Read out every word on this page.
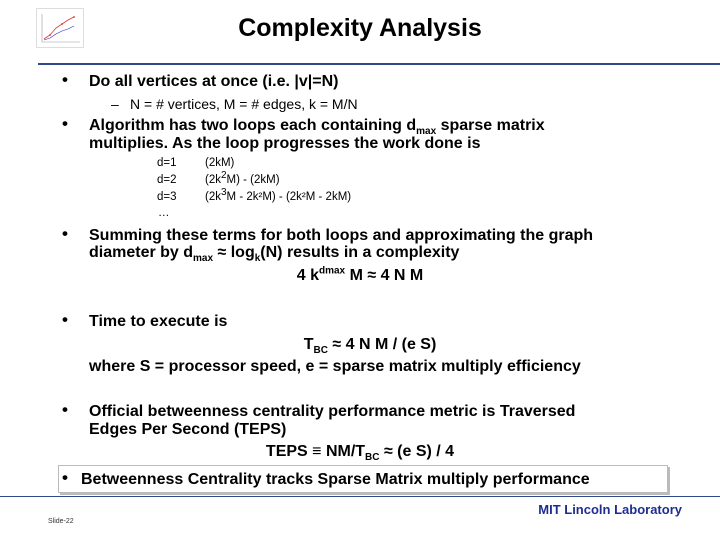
Complexity Analysis
• Do all vertices at once (i.e. |v|=N)
– N = # vertices, M = # edges, k = M/N
• Algorithm has two loops each containing $d_{max}$ sparse matrix
multiplies. As the loop progresses the work done is
d=1 (2kM)
d=2 $(2k^2M) - (2kM)$
d=3 $(2k^3M - 2k^2M) - (2k^2M - 2kM)$
…
• Summing these terms for both loops and approximating the graph
diameter by $d_{max} \approx \log_k(N)$ results in a complexity
4 $k^{dmax}$ M ≈ 4 N M
• Time to execute is
$T_{BC} \approx 4$ N M / (e S)
where S = processor speed, e = sparse matrix multiply efficiency
• Official betweenness centrality performance metric is Traversed
Edges Per Second (TEPS)
TEPS ≡ $NM/T_{BC} \approx (e$ S) / 4
• Betweenness Centrality tracks Sparse Matrix multiply performance
MIT Lincoln Laboratory
Slide-22
